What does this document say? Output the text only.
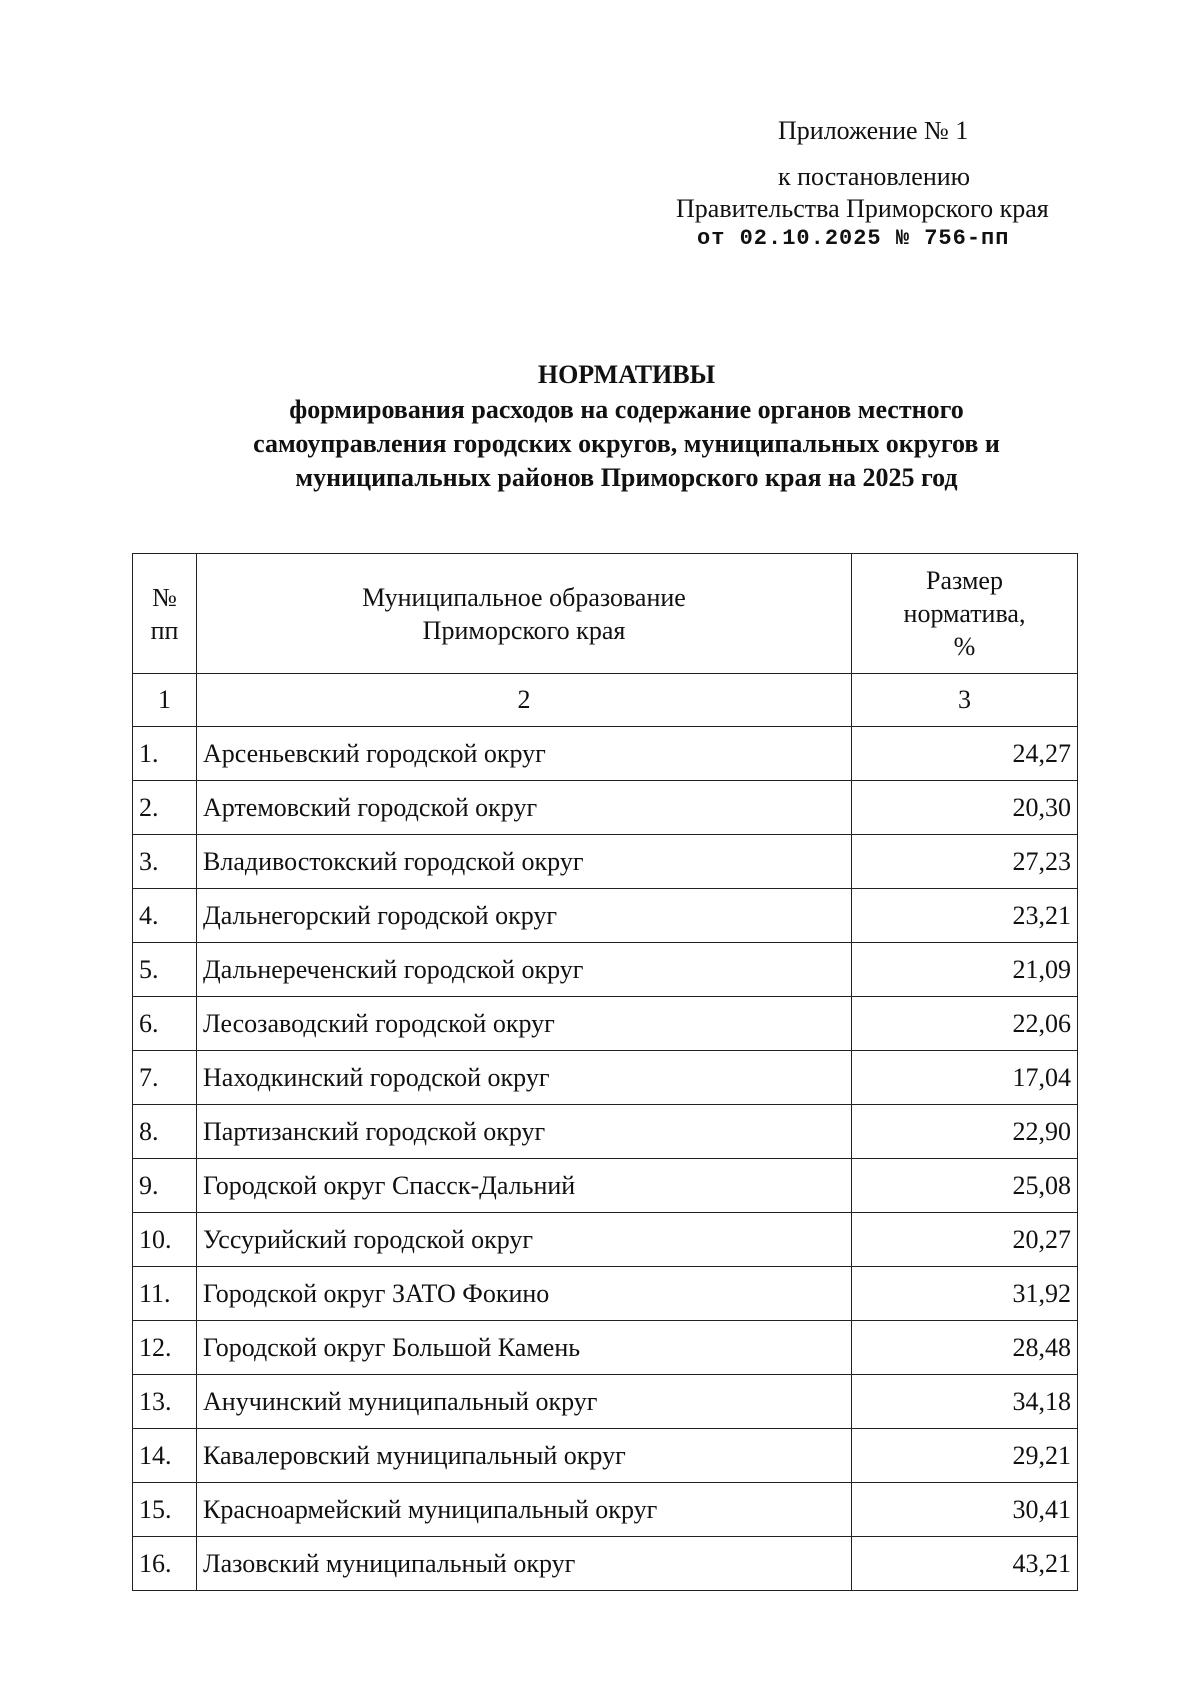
Приложение № 1
к постановлению
Правительства Приморского края
от 02.10.2025 № 756-пп
НОРМАТИВЫ
формирования расходов на содержание органов местного
самоуправления городских округов, муниципальных округов и
муниципальных районов Приморского края на 2025 год
№ пп	Муниципальное образование Приморского края	Размер норматива, %
1	2	3
1.	Арсеньевский городской округ	24,27
2.	Артемовский городской округ	20,30
3.	Владивостокский городской округ	27,23
4.	Дальнегорский городской округ	23,21
5.	Дальнереченский городской округ	21,09
6.	Лесозаводский городской округ	22,06
7.	Находкинский городской округ	17,04
8.	Партизанский городской округ	22,90
9.	Городской округ Спасск-Дальний	25,08
10.	Уссурийский городской округ	20,27
11.	Городской округ ЗАТО Фокино	31,92
12.	Городской округ Большой Камень	28,48
13.	Анучинский муниципальный округ	34,18
14.	Кавалеровский муниципальный округ	29,21
15.	Красноармейский муниципальный округ	30,41
16.	Лазовский муниципальный округ	43,21
